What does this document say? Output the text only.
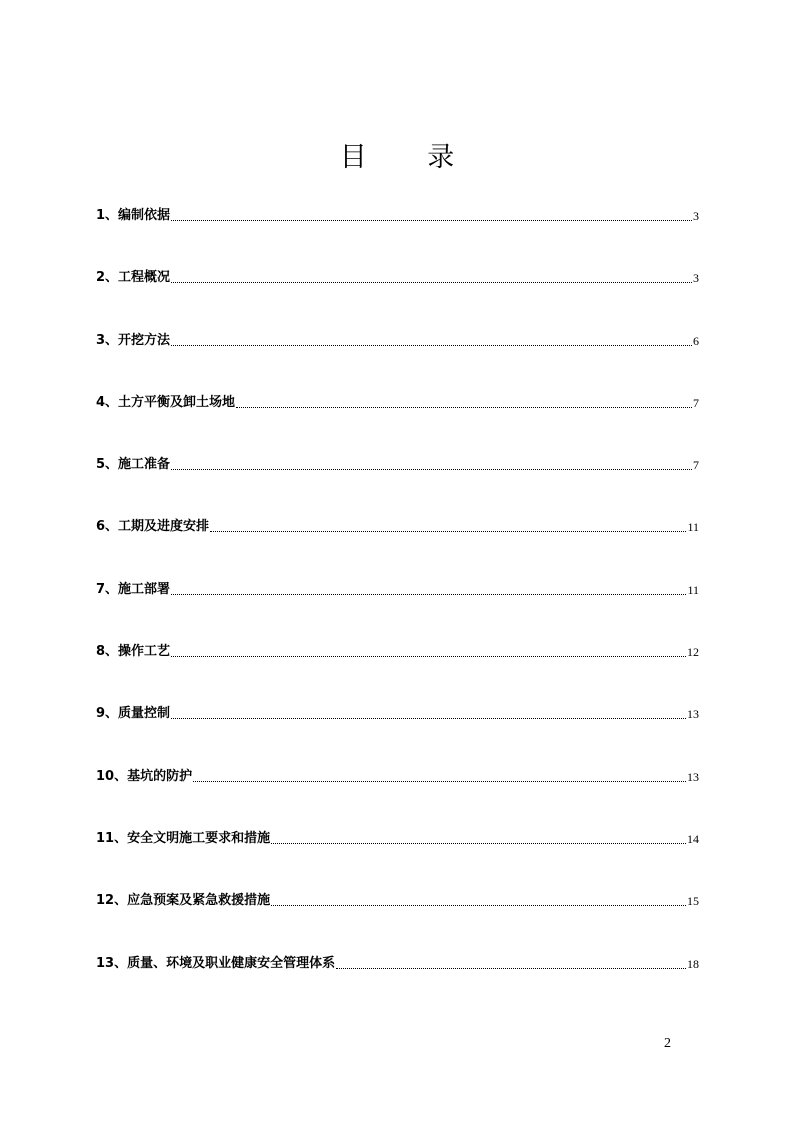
目 录
1、编制依据	3
2、工程概况	3
3、开挖方法	6
4、土方平衡及卸土场地	7
5、施工准备	7
6、工期及进度安排	11
7、施工部署	11
8、操作工艺	12
9、质量控制	13
10、基坑的防护	13
11、安全文明施工要求和措施	14
12、应急预案及紧急救援措施	15
13、质量、环境及职业健康安全管理体系	18
2
